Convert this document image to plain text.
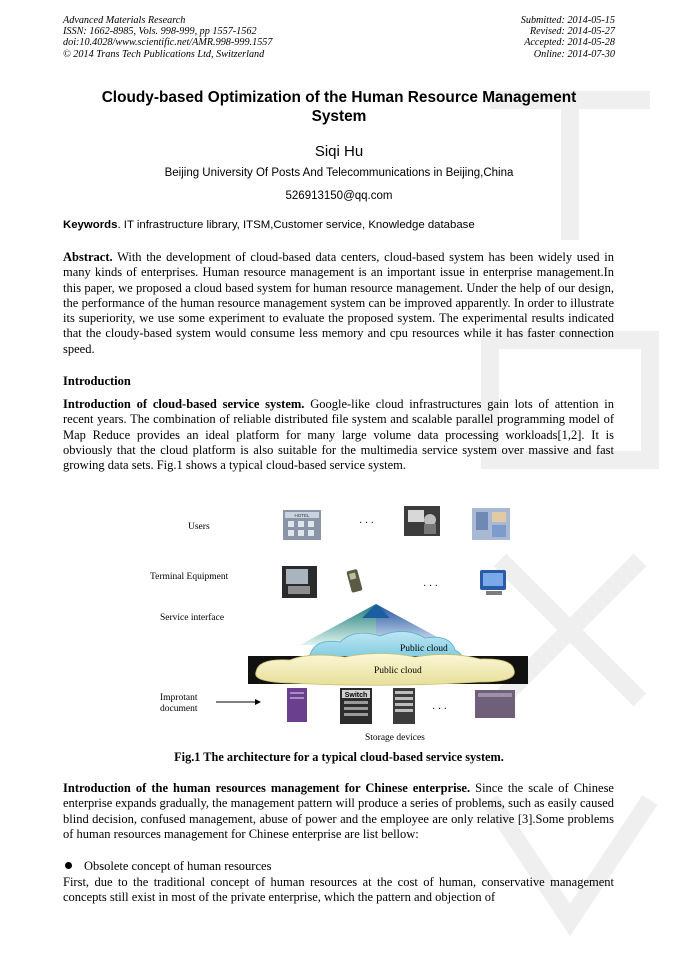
Advanced Materials Research
ISSN: 1662-8985, Vols. 998-999, pp 1557-1562
doi:10.4028/www.scientific.net/AMR.998-999.1557
© 2014 Trans Tech Publications Ltd, Switzerland
Submitted: 2014-05-15
Revised: 2014-05-27
Accepted: 2014-05-28
Online: 2014-07-30
Cloudy-based Optimization of the Human Resource Management
System
Siqi Hu
Beijing University Of Posts And Telecommunications in Beijing,China
526913150@qq.com
Keywords. IT infrastructure library, ITSM,Customer service, Knowledge database
Abstract. With the development of cloud-based data centers, cloud-based system has been widely used in many kinds of enterprises. Human resource management is an important issue in enterprise management.In this paper, we proposed a cloud based system for human resource management. Under the help of our design, the performance of the human resource management system can be improved apparently. In order to illustrate its superiority, we use some experiment to evaluate the proposed system. The experimental results indicated that the cloudy-based system would consume less memory and cpu resources while it has faster connection speed.
Introduction
Introduction of cloud-based service system. Google-like cloud infrastructures gain lots of attention in recent years. The combination of reliable distributed file system and scalable parallel programming model of Map Reduce provides an ideal platform for many large volume data processing workloads[1,2]. It is obviously that the cloud platform is also suitable for the multimedia service system over massive and fast growing data sets. Fig.1 shows a typical cloud-based service system.
Users
HOTEL
· · ·
Terminal Equipment
· · ·
Service interface
Public cloud
Public cloud
Improtant
document
Switch
· · ·
Storage devices
Fig.1 The architecture for a typical cloud-based service system.
Introduction of the human resources management for Chinese enterprise. Since the scale of Chinese enterprise expands gradually, the management pattern will produce a series of problems, such as easily caused blind decision, confused management, abuse of power and the employee are only relative [3].Some problems of human resources management for Chinese enterprise are list bellow:
Obsolete concept of human resources
First, due to the traditional concept of human resources at the cost of human, conservative management concepts still exist in most of the private enterprise, which the pattern and objection of
